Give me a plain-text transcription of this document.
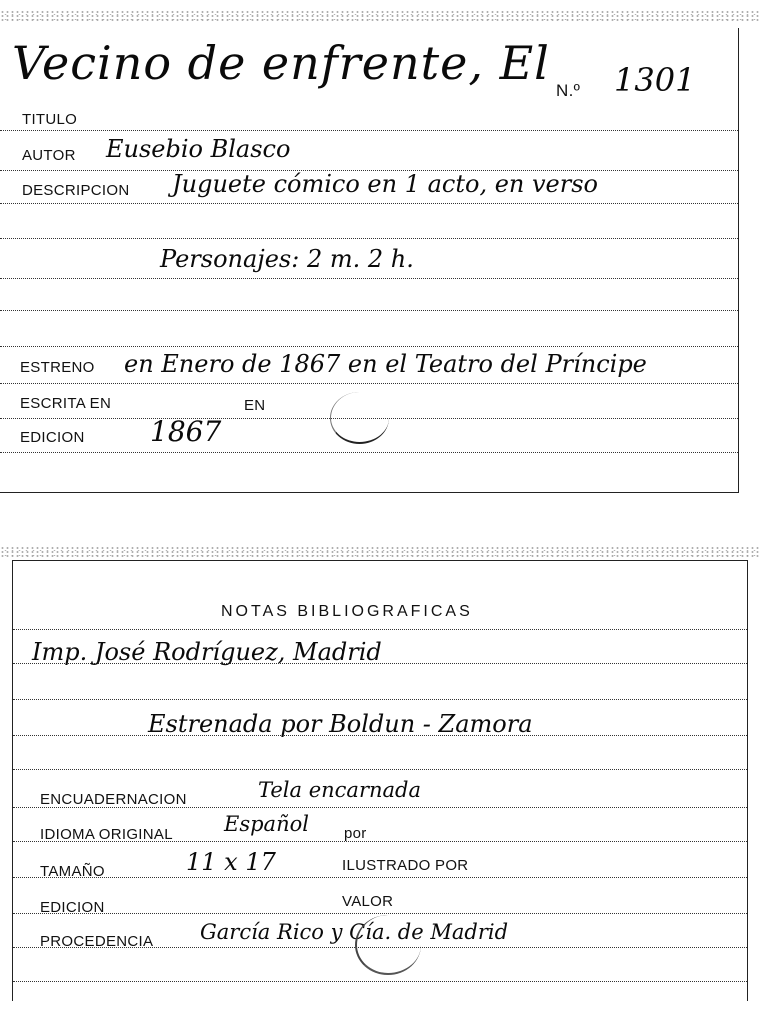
Vecino de enfrente, El
N.º 1301
TITULO
AUTOR Eusebio Blasco
DESCRIPCION Juguete cómico en 1 acto, en verso
Personajes: 2 m. 2 h.
ESTRENO en Enero de 1867 en el Teatro del Príncipe
ESCRITA EN	EN
EDICION 1867
NOTAS BIBLIOGRAFICAS
Imp. José Rodríguez, Madrid
Estrenada por Boldun - Zamora
ENCUADERNACION	Tela encarnada
IDIOMA ORIGINAL Español por
TAMAÑO	11 x 17	ILUSTRADO POR
EDICION	VALOR
PROCEDENCIA García Rico y Cía. de Madrid
